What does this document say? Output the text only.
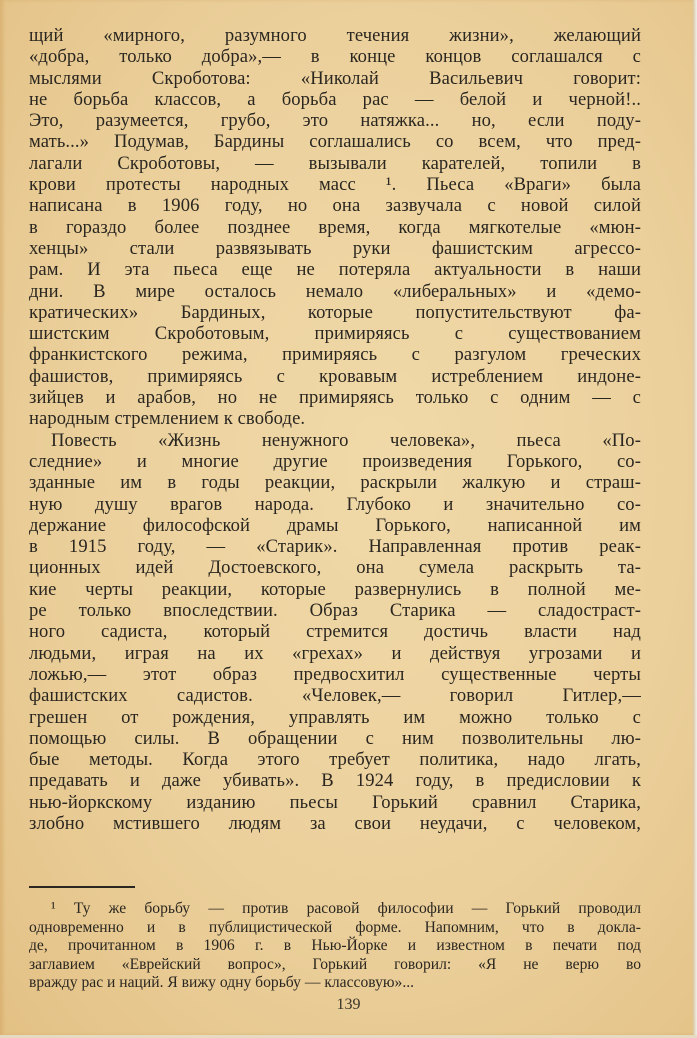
щий «мирного, разумного течения жизни», желающий
«добра, только добра»,— в конце концов соглашался с
мыслями Скроботова: «Николай Васильевич говорит:
не борьба классов, а борьба рас — белой и черной!..
Это, разумеется, грубо, это натяжка... но, если поду-
мать...» Подумав, Бардины соглашались со всем, что пред-
лагали Скроботовы, — вызывали карателей, топили в
крови протесты народных масс ¹. Пьеса «Враги» была
написана в 1906 году, но она зазвучала с новой силой
в гораздо более позднее время, когда мягкотелые «мюн-
хенцы» стали развязывать руки фашистским агрессо-
рам. И эта пьеса еще не потеряла актуальности в наши
дни. В мире осталось немало «либеральных» и «демо-
кратических» Бардиных, которые попустительствуют фа-
шистским Скроботовым, примиряясь с существованием
франкистского режима, примиряясь с разгулом греческих
фашистов, примиряясь с кровавым истреблением индоне-
зийцев и арабов, но не примиряясь только с одним — с
народным стремлением к свободе.
Повесть «Жизнь ненужного человека», пьеса «По-
следние» и многие другие произведения Горького, со-
зданные им в годы реакции, раскрыли жалкую и страш-
ную душу врагов народа. Глубоко и значительно со-
держание философской драмы Горького, написанной им
в 1915 году, — «Старик». Направленная против реак-
ционных идей Достоевского, она сумела раскрыть та-
кие черты реакции, которые развернулись в полной ме-
ре только впоследствии. Образ Старика — сладостраст-
ного садиста, который стремится достичь власти над
людьми, играя на их «грехах» и действуя угрозами и
ложью,— этот образ предвосхитил существенные черты
фашистских садистов. «Человек,— говорил Гитлер,—
грешен от рождения, управлять им можно только с
помощью силы. В обращении с ним позволительны лю-
бые методы. Когда этого требует политика, надо лгать,
предавать и даже убивать». В 1924 году, в предисловии к
нью-йоркскому изданию пьесы Горький сравнил Старика,
злобно мстившего людям за свои неудачи, с человеком,
¹ Ту же борьбу — против расовой философии — Горький проводил
одновременно и в публицистической форме. Напомним, что в докла-
де, прочитанном в 1906 г. в Нью-Йорке и известном в печати под
заглавием «Еврейский вопрос», Горький говорил: «Я не верю во
вражду рас и наций. Я вижу одну борьбу — классовую»...
139
